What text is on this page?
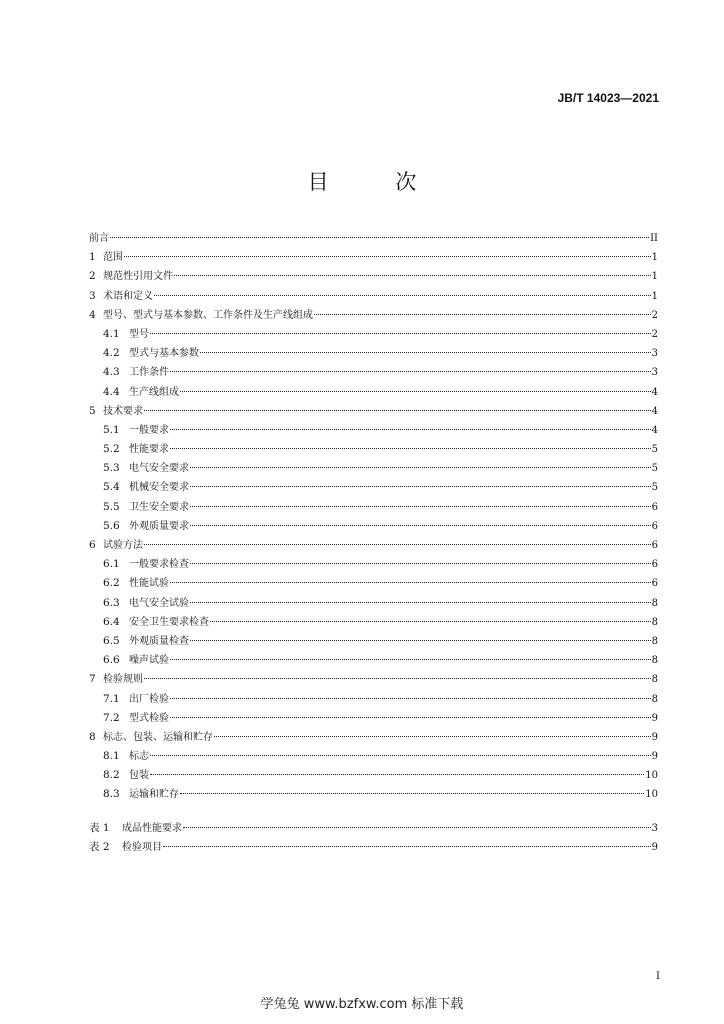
JB/T 14023—2021
目 次
前言	II
1 范围	1
2 规范性引用文件	1
3 术语和定义	1
4 型号、型式与基本参数、工作条件及生产线组成	2
4.1 型号	2
4.2 型式与基本参数	3
4.3 工作条件	3
4.4 生产线组成	4
5 技术要求	4
5.1 一般要求	4
5.2 性能要求	5
5.3 电气安全要求	5
5.4 机械安全要求	5
5.5 卫生安全要求	6
5.6 外观质量要求	6
6 试验方法	6
6.1 一般要求检查	6
6.2 性能试验	6
6.3 电气安全试验	8
6.4 安全卫生要求检查	8
6.5 外观质量检查	8
6.6 噪声试验	8
7 检验规则	8
7.1 出厂检验	8
7.2 型式检验	9
8 标志、包装、运输和贮存	9
8.1 标志	9
8.2 包装	10
8.3 运输和贮存	10
表 1	成品性能要求	3
表 2	检验项目	9
I
学兔兔 www.bzfxw.com 标准下载
